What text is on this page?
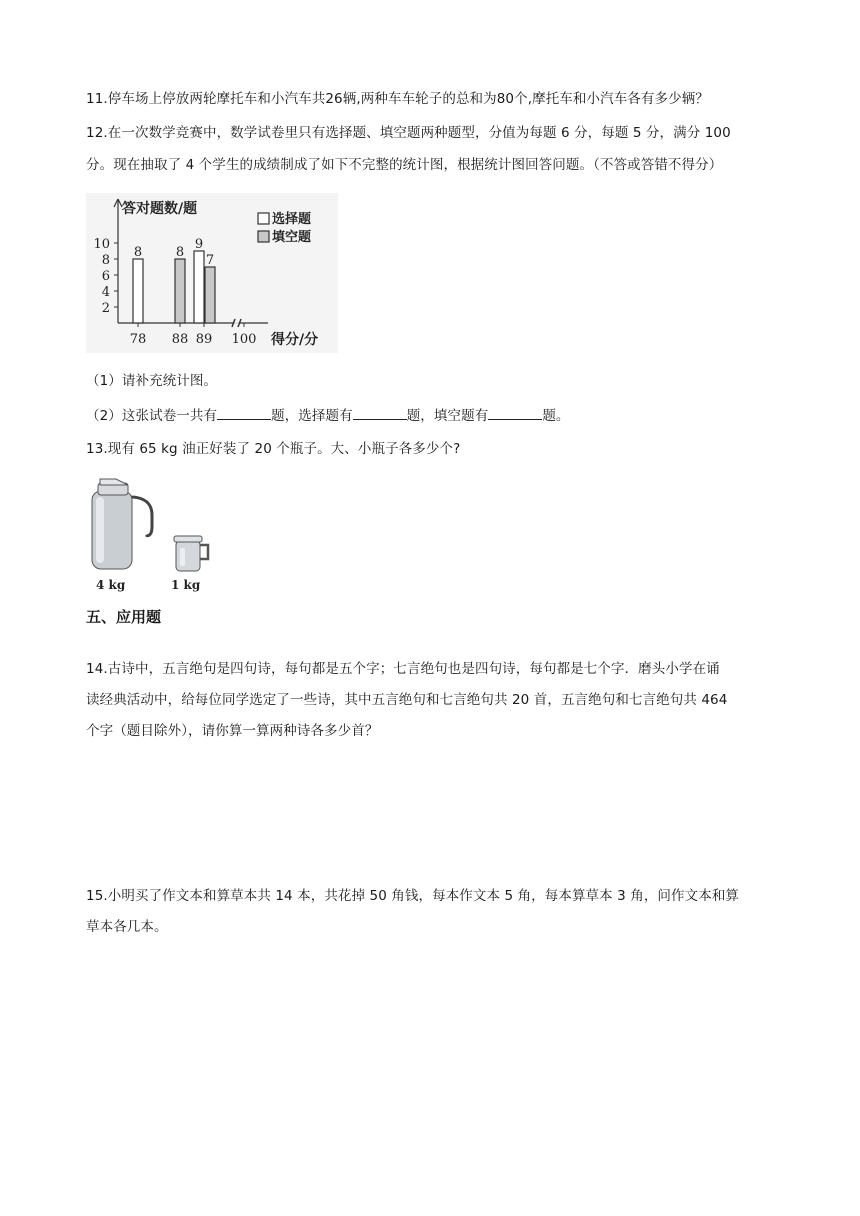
11.停车场上停放两轮摩托车和小汽车共26辆,两种车车轮子的总和为80个,摩托车和小汽车各有多少辆？
12.在一次数学竞赛中，数学试卷里只有选择题、填空题两种题型，分值为每题 6 分，每题 5 分，满分 100
分。现在抽取了 4 个学生的成绩制成了如下不完整的统计图，根据统计图回答问题。（不答或答错不得分）
答对题数/题
2
4
6
8
10
8	8
9
7
78 88 89 100 得分/分
选择题
填空题
（1）请补充统计图。
（2）这张试卷一共有	题，选择题有	题，填空题有	题。
13.现有 65 kg 油正好装了 20 个瓶子。大、小瓶子各多少个?
4 kg	1 kg
五、应用题
14.古诗中，五言绝句是四句诗，每句都是五个字；七言绝句也是四句诗，每句都是七个字．磨头小学在诵
读经典活动中，给每位同学选定了一些诗，其中五言绝句和七言绝句共 20 首，五言绝句和七言绝句共 464
个字（题目除外），请你算一算两种诗各多少首？
15.小明买了作文本和算草本共 14 本，共花掉 50 角钱，每本作文本 5 角，每本算草本 3 角，问作文本和算
草本各几本。
